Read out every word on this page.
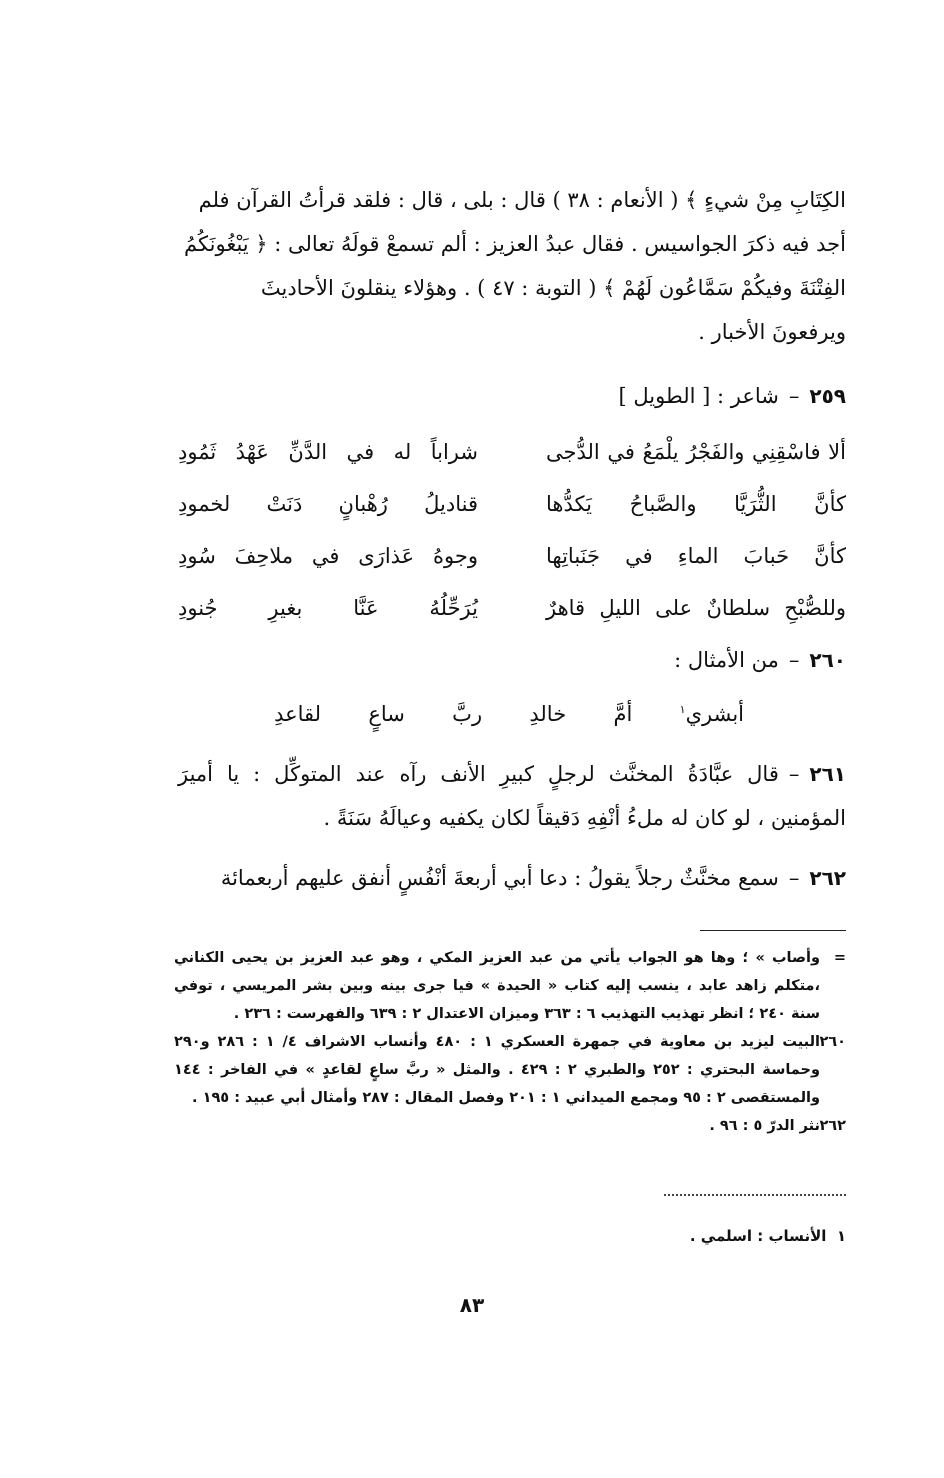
الكِتَابِ مِنْ شيءٍ ﴾ ( الأنعام : ٣٨ ) قال : بلى ، قال : فلقد قرأتُ القرآن فلم

أجد فيه ذكرَ الجواسيس . فقال عبدُ العزيز : ألم تسمعْ قولَهُ تعالى : ﴿ يَبْغُونَكُمُ

الفِتْنَةَ وفيكُمْ سَمَّاعُون لَهُمْ ﴾ ( التوبة : ٤٧ ) . وهؤلاء ينقلونَ الأحاديثَ

ويرفعونَ الأخبار .

٢٥٩–شاعر : [ الطويل ]
ألا فاسْقِنِي والفَجْرُ يلْمَعُ في الدُّجى
شراباً له في الدَّنِّ عَهْدُ ثَمُودِ
كأنَّ الثُّرَيَّا والصَّباحُ يَكدُّها
قناديلُ رُهْبانٍ دَنَتْ لخمودِ
كأنَّ حَبابَ الماءِ في جَنَباتِها
وجوهُ عَذارَى في ملاحِفَ سُودِ
وللصُّبْحِ سلطانٌ على الليلِ قاهرٌ
يُرَحِّلُهُ عَنَّا بغيرِ جُنودِ
٢٦٠–من الأمثال :
أبشري$^١$
أمَّ
خالدِ
ربَّ
ساعٍ
لقاعدِ

٢٦١–قال عبَّادَةُ المخنَّث لرجلٍ كبيرِ الأنف رآه عند المتوكِّل : يا أميرَ المؤمنين ، لو كان له ملءُ أنْفِهِ دَقيقاً لكان يكفيه وعيالَهُ سَنَةً .

٢٦٢–سمع مخنَّثٌ رجلاً يقولُ : دعا أبي أربعةَ أنْفُسٍ أنفق عليهم أربعمائة

=
وأصاب » ؛ وها هو الجواب يأتي من عبد العزيز المكي ، وهو عبد العزيز بن يحيى الكناني ،متكلم زاهد عابد ، ينسب إليه كتاب « الحيدة » فيا جرى بينه وبين بشر المريسي ، توفي سنة ٢٤٠ ؛ انظر تهذيب التهذيب ٦ : ٣٦٣ وميزان الاعتدال ٢ : ٦٣٩ والفهرست : ٢٣٦ .
٢٦٠
البيت ليزيد بن معاوية في جمهرة العسكري ١ : ٤٨٠ وأنساب الاشراف ٤/ ١ : ٢٨٦ و٢٩٠ وحماسة البحتري : ٢٥٢ والطبري ٢ : ٤٢٩ . والمثل « ربَّ ساعٍ لقاعدٍ » في الفاخر : ١٤٤ والمستقصى ٢ : ٩٥ ومجمع الميداني ١ : ٢٠١ وفصل المقال : ٢٨٧ وأمثال أبي عبيد : ١٩٥ .
٢٦٢
نثر الدرّ ٥ : ٩٦ .
١  الأنساب : اسلمي .
٨٣
